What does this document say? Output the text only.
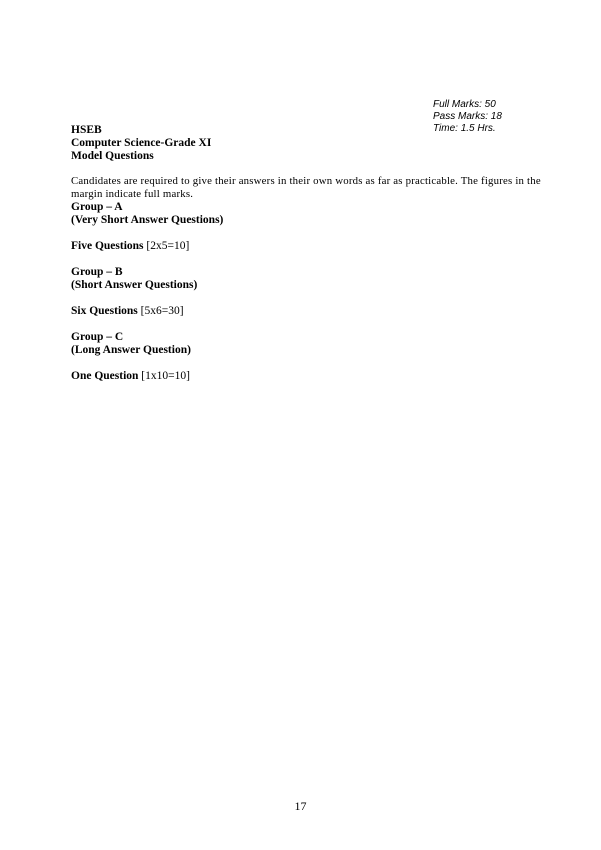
Full Marks: 50
Pass Marks: 18
Time: 1.5 Hrs.
HSEB
Computer Science-Grade XI
Model Questions
Candidates are required to give their answers in their own words as far as practicable. The figures in the margin indicate full marks.
Group – A
(Very Short Answer Questions)
Five Questions [2x5=10]
Group – B
(Short Answer Questions)
Six Questions [5x6=30]
Group – C
(Long Answer Question)
One Question [1x10=10]
17
